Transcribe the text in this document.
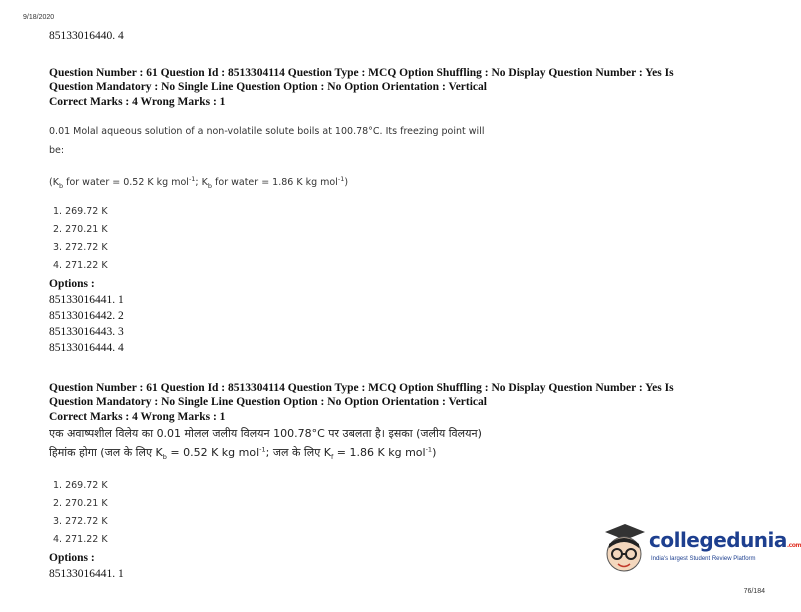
9/18/2020
85133016440. 4
Question Number : 61 Question Id : 8513304114 Question Type : MCQ Option Shuffling : No Display Question Number : Yes Is
Question Mandatory : No Single Line Question Option : No Option Orientation : Vertical
Correct Marks : 4 Wrong Marks : 1
0.01 Molal aqueous solution of a non-volatile solute boils at 100.78°C. Its freezing point will
be:
($K_b$ for water = 0.52 K kg mol$^{-1}$; $K_b$ for water = 1.86 K kg mol$^{-1}$)
1. 269.72 K
2. 270.21 K
3. 272.72 K
4. 271.22 K
Options :
85133016441. 1
85133016442. 2
85133016443. 3
85133016444. 4
Question Number : 61 Question Id : 8513304114 Question Type : MCQ Option Shuffling : No Display Question Number : Yes Is
Question Mandatory : No Single Line Question Option : No Option Orientation : Vertical
Correct Marks : 4 Wrong Marks : 1
एक अवाष्पशील विलेय का 0.01 मोलल जलीय विलयन 100.78°C पर उबलता है। इसका (जलीय विलयन)
हिमांक होगा (जल के लिए $K_b = 0.52$ K kg mol$^{-1}$; जल के लिए $K_f = 1.86$ K kg mol$^{-1}$)
1. 269.72 K
2. 270.21 K
3. 272.72 K
4. 271.22 K
Options :
85133016441. 1
collegedunia.com
India's largest Student Review Platform
76/184
